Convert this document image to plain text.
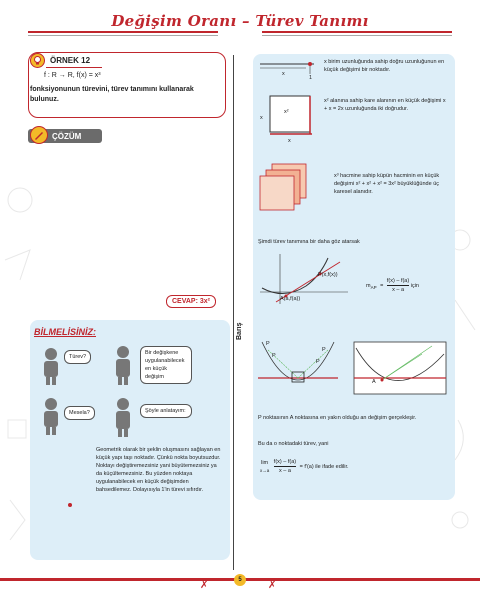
Değişim Oranı – Türev Tanımı
ÖRNEK 12
f : R → R, f(x) = x³
fonksiyonunun türevini, türev tanımını kullanarak bulunuz.
ÇÖZÜM
CEVAP: 3x²
Barış
x
1
x birim uzunluğunda sahip doğru uzunluğunun en küçük değişimi bir noktadır.
x²
x
x
x² alanına sahip kare alanının en küçük değişimi x + x = 2x uzunluğunda iki doğrudur.
x³ hacmine sahip küpün hacminin en küçük değişimi x² + x² + x² = 3x² büyüklüğünde üç karesel alanıdır.
Şimdi türev tanımına bir daha göz atarsak
P(x,f(x))
A(a,f(a))
$m_{AP} = \frac{f(x) - f(a)}{x - a}$ için
P
P
P
P
A
P noktasının A noktasına en yakın olduğu an değişim gerçekleşir.
Bu da o noktadaki türev, yani
lim
x→a
$\frac{f(x) - f(a)}{x - a} = f'(a)$ ile ifade edilir.
BİLMELİSİNİZ:
Türev?
Bir değişkene uygulanabilecek en küçük değişim
Mesela?	Şöyle anlatayım:
Geometrik olarak bir şeklin oluşmasını sağlayan en küçük yapı taşı noktadır. Çünkü nokta boyutsuzdur. Noktayı değiştiremezsiniz yani büyütemezsiniz ya da küçültemezsiniz. Bu yüzden noktaya uygulanabilecek en küçük değişimden bahsedilemez. Dolayısıyla 1'in türevi sıfırdır.
✗	✗
5
